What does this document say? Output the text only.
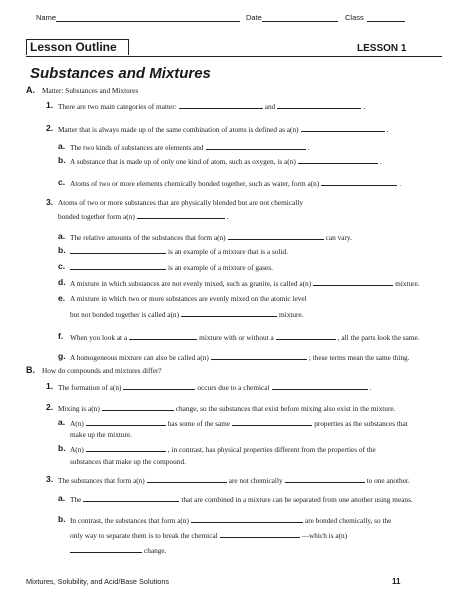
Name	Date	Class
Lesson Outline	LESSON 1
Substances and Mixtures
A. Matter: Substances and Mixtures
1. There are two main categories of matter:	and	.
2. Matter that is always made up of the same combination of atoms is defined as a(n)	.
a. The two kinds of substances are elements and	.
b. A substance that is made up of only one kind of atom, such as oxygen, is a(n)	.
c. Atoms of two or more elements chemically bonded together, such as water, form a(n)	.
3. Atoms of two or more substances that are physically blended but are not chemically
bonded together form a(n)	.
a. The relative amounts of the substances that form a(n)	can vary.
b.	is an example of a mixture that is a solid.
c.	is an example of a mixture of gases.
d. A mixture in which substances are not evenly mixed, such as granite, is called a(n)	mixture.
e. A mixture in which two or more substances are evenly mixed on the atomic level
but not bonded together is called a(n)	mixture.
f. When you look at a	mixture with or without a	, all the parts look the same.
g. A homogeneous mixture can also be called a(n)	; these terms mean the same thing.
B. How do compounds and mixtures differ?
1. The formation of a(n)	occurs due to a chemical	.
2. Mixing is a(n)	change, so the substances that exist before mixing also exist in the mixture.
a. A(n)	has some of the same	properties as the substances that
make up the mixture.
b. A(n)	, in contrast, has physical properties different from the properties of the
substances that make up the compound.
3. The substances that form a(n)	are not chemically	to one another.
a. The	that are combined in a mixture can be separated from one another using means.
b. In contrast, the substances that form a(n)	are bonded chemically, so the
only way to separate them is to break the chemical	—which is a(n)
change.
Mixtures, Solubility, and Acid/Base Solutions	11
